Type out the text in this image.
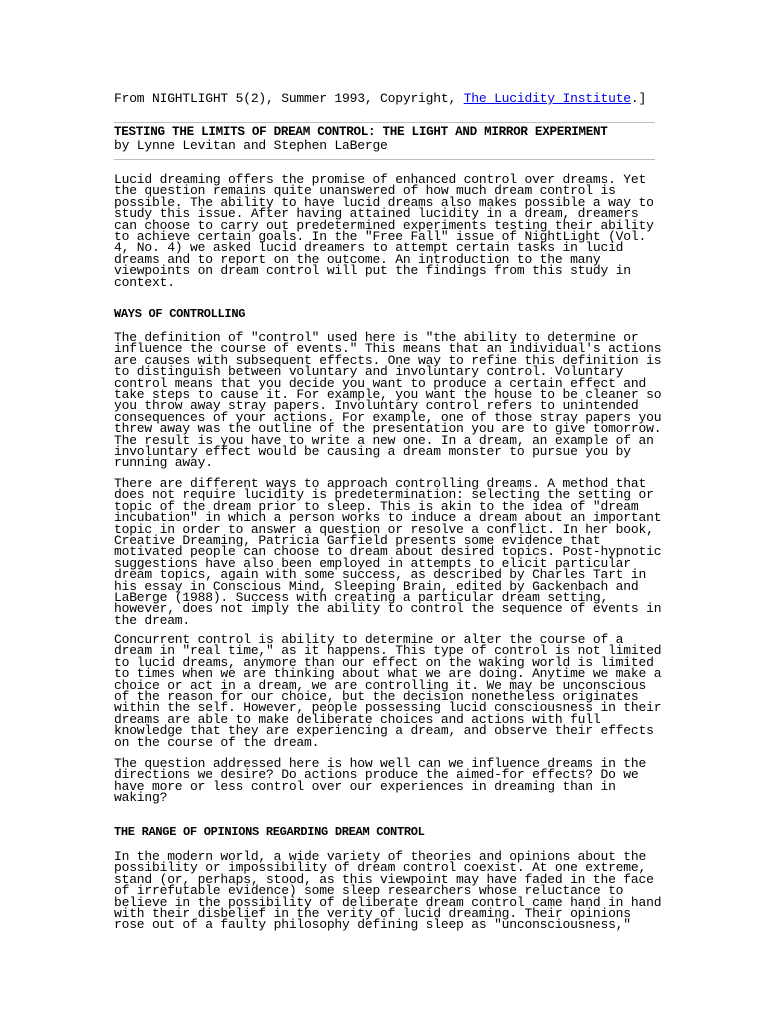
From NIGHTLIGHT 5(2), Summer 1993, Copyright, The Lucidity Institute.]
TESTING THE LIMITS OF DREAM CONTROL: THE LIGHT AND MIRROR EXPERIMENT
by Lynne Levitan and Stephen LaBerge
Lucid dreaming offers the promise of enhanced control over dreams. Yet
the question remains quite unanswered of how much dream control is
possible. The ability to have lucid dreams also makes possible a way to
study this issue. After having attained lucidity in a dream, dreamers
can choose to carry out predetermined experiments testing their ability
to achieve certain goals. In the "Free Fall" issue of NightLight (Vol.
4, No. 4) we asked lucid dreamers to attempt certain tasks in lucid
dreams and to report on the outcome. An introduction to the many
viewpoints on dream control will put the findings from this study in
context.
WAYS OF CONTROLLING
The definition of "control" used here is "the ability to determine or
influence the course of events." This means that an individual's actions
are causes with subsequent effects. One way to refine this definition is
to distinguish between voluntary and involuntary control. Voluntary
control means that you decide you want to produce a certain effect and
take steps to cause it. For example, you want the house to be cleaner so
you throw away stray papers. Involuntary control refers to unintended
consequences of your actions. For example, one of those stray papers you
threw away was the outline of the presentation you are to give tomorrow.
The result is you have to write a new one. In a dream, an example of an
involuntary effect would be causing a dream monster to pursue you by
running away.
There are different ways to approach controlling dreams. A method that
does not require lucidity is predetermination: selecting the setting or
topic of the dream prior to sleep. This is akin to the idea of "dream
incubation" in which a person works to induce a dream about an important
topic in order to answer a question or resolve a conflict. In her book,
Creative Dreaming, Patricia Garfield presents some evidence that
motivated people can choose to dream about desired topics. Post-hypnotic
suggestions have also been employed in attempts to elicit particular
dream topics, again with some success, as described by Charles Tart in
his essay in Conscious Mind, Sleeping Brain, edited by Gackenbach and
LaBerge (1988). Success with creating a particular dream setting,
however, does not imply the ability to control the sequence of events in
the dream.
Concurrent control is ability to determine or alter the course of a
dream in "real time," as it happens. This type of control is not limited
to lucid dreams, anymore than our effect on the waking world is limited
to times when we are thinking about what we are doing. Anytime we make a
choice or act in a dream, we are controlling it. We may be unconscious
of the reason for our choice, but the decision nonetheless originates
within the self. However, people possessing lucid consciousness in their
dreams are able to make deliberate choices and actions with full
knowledge that they are experiencing a dream, and observe their effects
on the course of the dream.
The question addressed here is how well can we influence dreams in the
directions we desire? Do actions produce the aimed-for effects? Do we
have more or less control over our experiences in dreaming than in
waking?
THE RANGE OF OPINIONS REGARDING DREAM CONTROL
In the modern world, a wide variety of theories and opinions about the
possibility or impossibility of dream control coexist. At one extreme,
stand (or, perhaps, stood, as this viewpoint may have faded in the face
of irrefutable evidence) some sleep researchers whose reluctance to
believe in the possibility of deliberate dream control came hand in hand
with their disbelief in the verity of lucid dreaming. Their opinions
rose out of a faulty philosophy defining sleep as "unconsciousness,"
